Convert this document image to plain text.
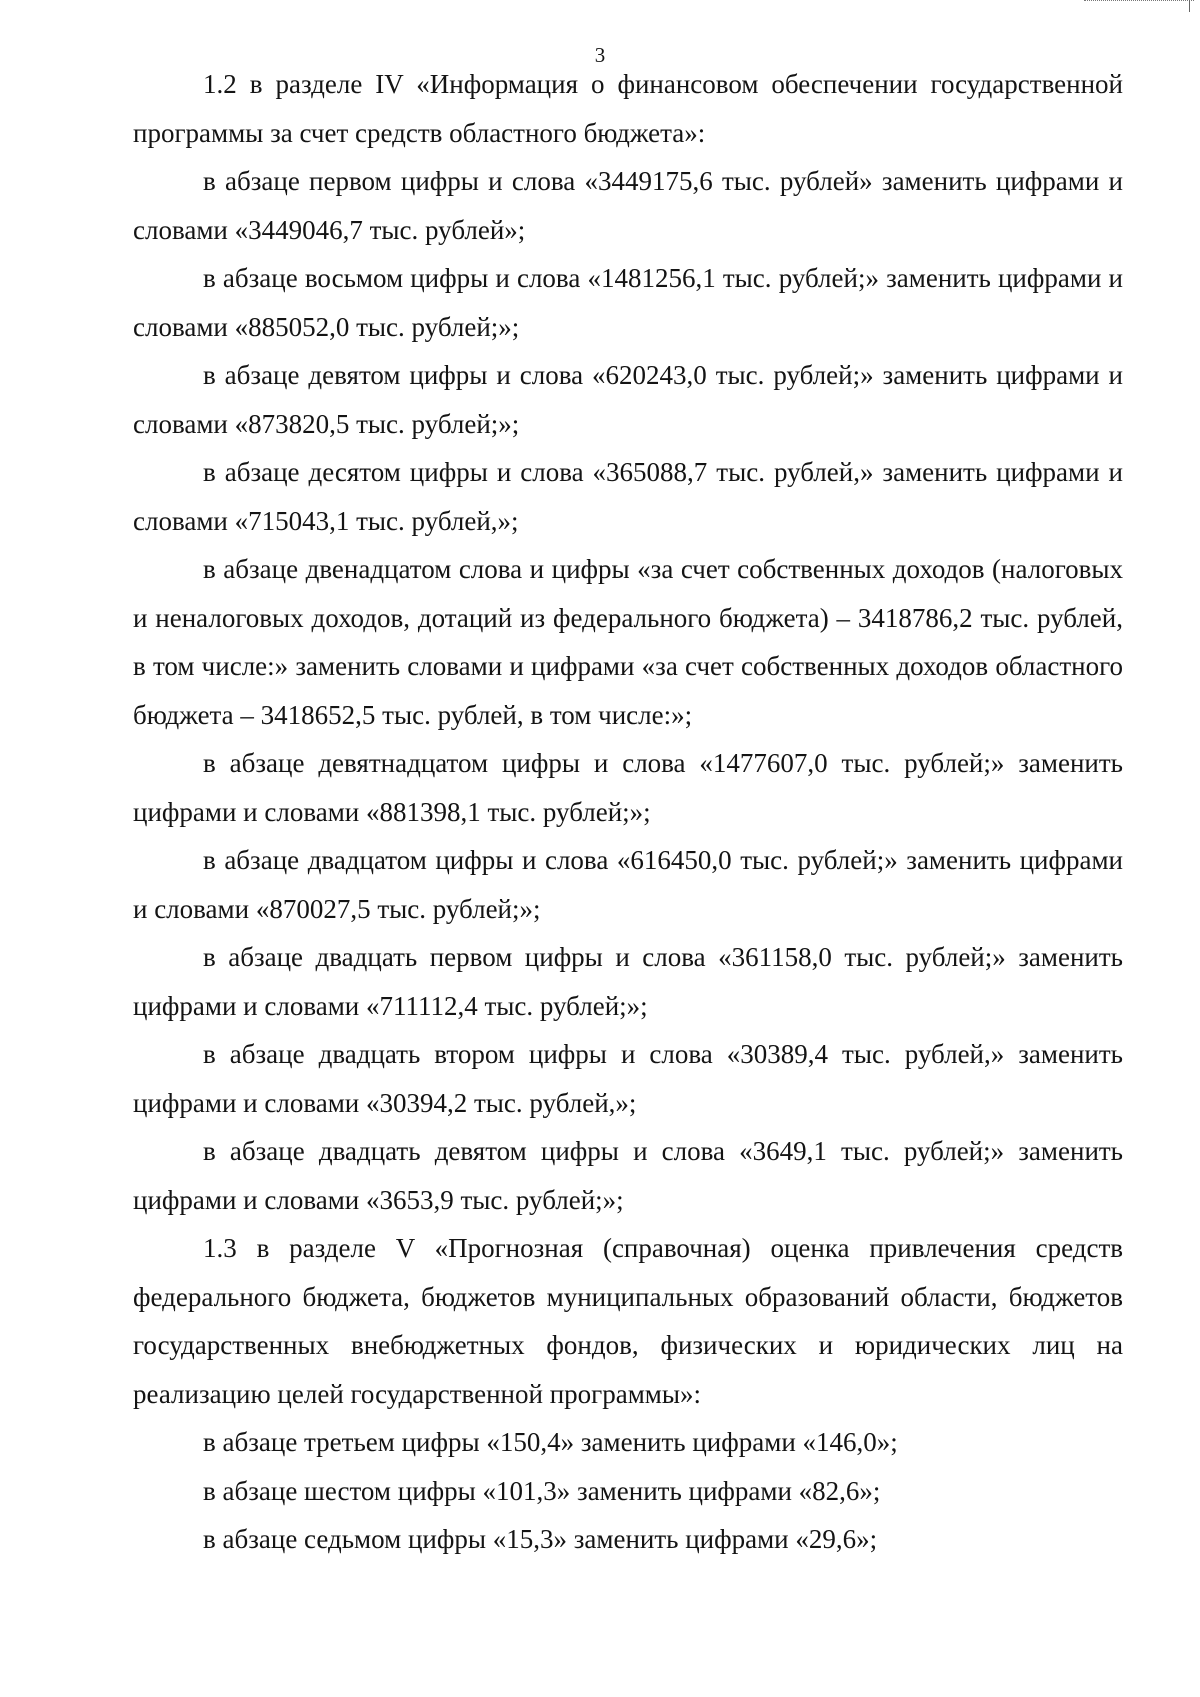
3

1.2 в разделе IV «Информация о финансовом обеспечении государственной программы за счет средств областного бюджета»:

в абзаце первом цифры и слова «3449175,6 тыс. рублей» заменить цифрами и словами «3449046,7 тыс. рублей»;

в абзаце восьмом цифры и слова «1481256,1 тыс. рублей;» заменить цифрами и словами «885052,0 тыс. рублей;»;

в абзаце девятом цифры и слова «620243,0 тыс. рублей;» заменить цифрами и словами «873820,5 тыс. рублей;»;

в абзаце десятом цифры и слова «365088,7 тыс. рублей,» заменить цифрами и словами «715043,1 тыс. рублей,»;

в абзаце двенадцатом слова и цифры «за счет собственных доходов (налоговых и неналоговых доходов, дотаций из федерального бюджета) – 3418786,2 тыс. рублей, в том числе:» заменить словами и цифрами «за счет собственных доходов областного бюджета – 3418652,5 тыс. рублей, в том числе:»;

в абзаце девятнадцатом цифры и слова «1477607,0 тыс. рублей;» заменить цифрами и словами «881398,1 тыс. рублей;»;

в абзаце двадцатом цифры и слова «616450,0 тыс. рублей;» заменить цифрами и словами «870027,5 тыс. рублей;»;

в абзаце двадцать первом цифры и слова «361158,0 тыс. рублей;» заменить цифрами и словами «711112,4 тыс. рублей;»;

в абзаце двадцать втором цифры и слова «30389,4 тыс. рублей,» заменить цифрами и словами «30394,2 тыс. рублей,»;

в абзаце двадцать девятом цифры и слова «3649,1 тыс. рублей;» заменить цифрами и словами «3653,9 тыс. рублей;»;

1.3 в разделе V «Прогнозная (справочная) оценка привлечения средств федерального бюджета, бюджетов муниципальных образований области, бюджетов государственных внебюджетных фондов, физических и юридических лиц на реализацию целей государственной программы»:

в абзаце третьем цифры «150,4» заменить цифрами «146,0»;

в абзаце шестом цифры «101,3» заменить цифрами «82,6»;

в абзаце седьмом цифры «15,3» заменить цифрами «29,6»;
